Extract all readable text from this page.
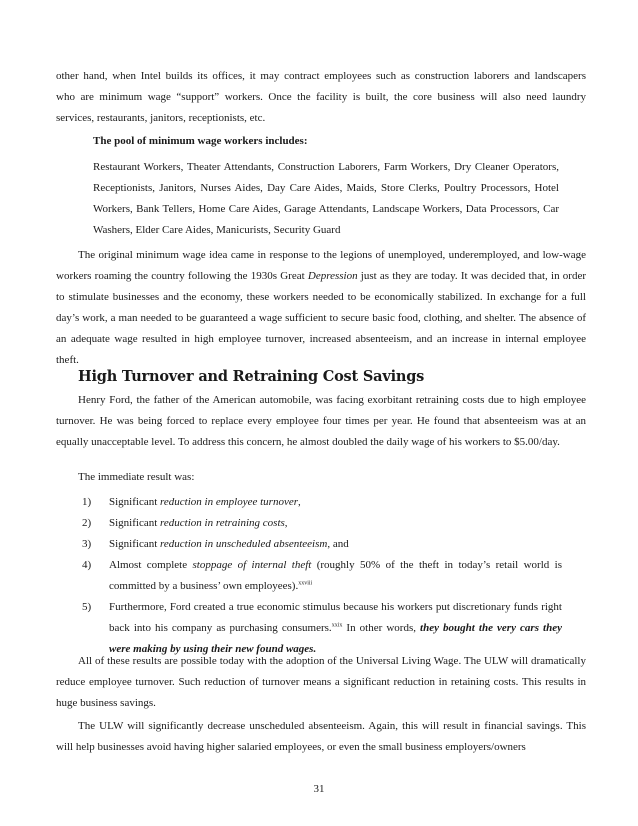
other hand, when Intel builds its offices, it may contract employees such as construction laborers and landscapers
who are minimum wage “support” workers. Once the facility is built, the core business will also need laundry
services, restaurants, janitors, receptionists, etc.

The pool of minimum wage workers includes:

Restaurant Workers, Theater Attendants, Construction Laborers, Farm Workers, Dry Cleaner Operators, Receptionists, Janitors, Nurses Aides, Day Care Aides, Maids, Store Clerks, Poultry Processors, Hotel Workers, Bank Tellers, Home Care Aides, Garage Attendants, Landscape Workers, Data Processors, Car Washers, Elder Care Aides, Manicurists, Security Guard

The original minimum wage idea came in response to the legions of unemployed, underemployed, and low-wage workers roaming the country following the 1930s Great Depression just as they are today. It was decided that, in order to stimulate businesses and the economy, these workers needed to be economically stabilized. In exchange for a full day’s work, a man needed to be guaranteed a wage sufficient to secure basic food, clothing, and shelter. The absence of an adequate wage resulted in high employee turnover, increased absenteeism, and an increase in internal employee theft.

High Turnover and Retraining Cost Savings

Henry Ford, the father of the American automobile, was facing exorbitant retraining costs due to high employee turnover. He was being forced to replace every employee four times per year. He found that absenteeism was at an equally unacceptable level. To address this concern, he almost doubled the daily wage of his workers to $5.00/day.

The immediate result was:

1) Significant reduction in employee turnover,
2) Significant reduction in retraining costs,
3) Significant reduction in unscheduled absenteeism, and
4) Almost complete stoppage of internal theft (roughly 50% of the theft in today’s retail world is committed by a business’ own employees).$^{xxviii}$
5) Furthermore, Ford created a true economic stimulus because his workers put discretionary funds right back into his company as purchasing consumers.$^{xxix}$ In other words, they bought the very cars they were making by using their new found wages.

All of these results are possible today with the adoption of the Universal Living Wage. The ULW will dramatically reduce employee turnover. Such reduction of turnover means a significant reduction in retaining costs. This results in huge business savings.

The ULW will significantly decrease unscheduled absenteeism. Again, this will result in financial savings. This will help businesses avoid having higher salaried employees, or even the small business employers/owners

31
